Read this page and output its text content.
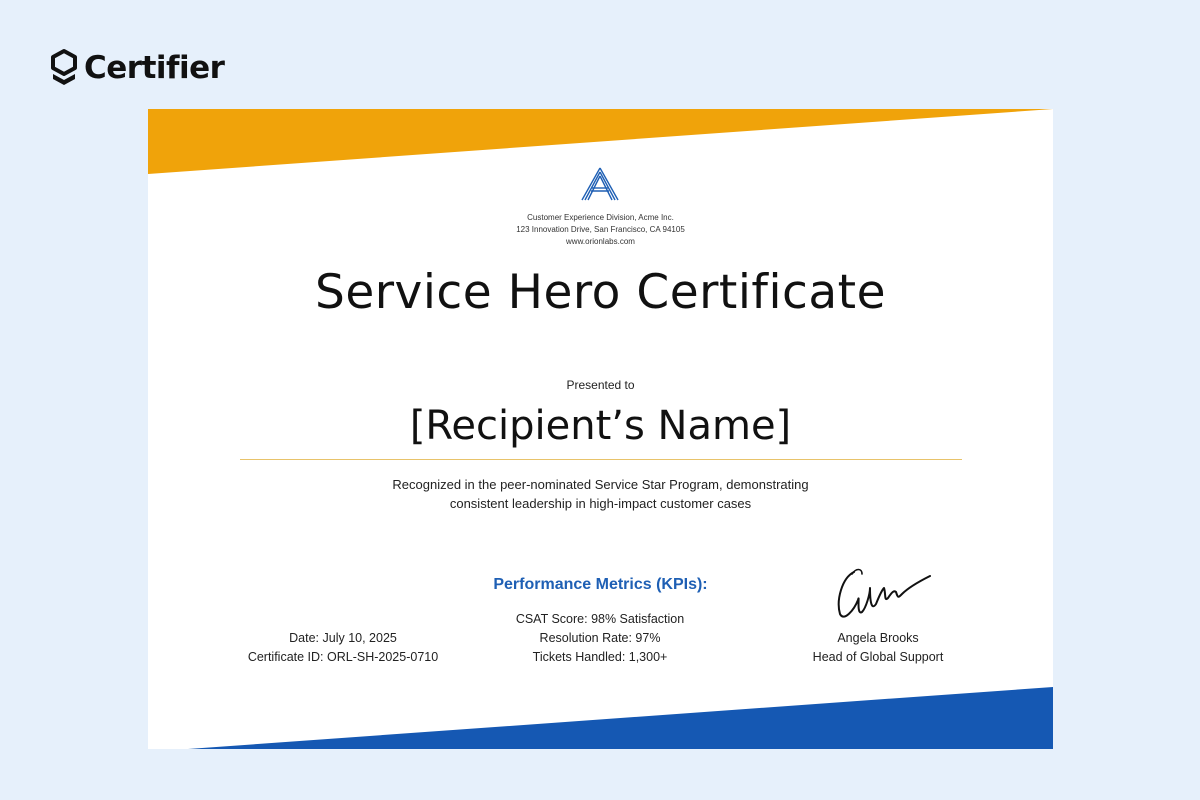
Certifier
Customer Experience Division, Acme Inc.
123 Innovation Drive, San Francisco, CA 94105
www.orionlabs.com
Service Hero Certificate
Presented to
[Recipient’s Name]
Recognized in the peer-nominated Service Star Program, demonstrating
consistent leadership in high-impact customer cases
Performance Metrics (KPIs):
CSAT Score: 98% Satisfaction
Resolution Rate: 97%
Tickets Handled: 1,300+
Date: July 10, 2025
Certificate ID: ORL-SH-2025-0710
Angela Brooks
Head of Global Support
